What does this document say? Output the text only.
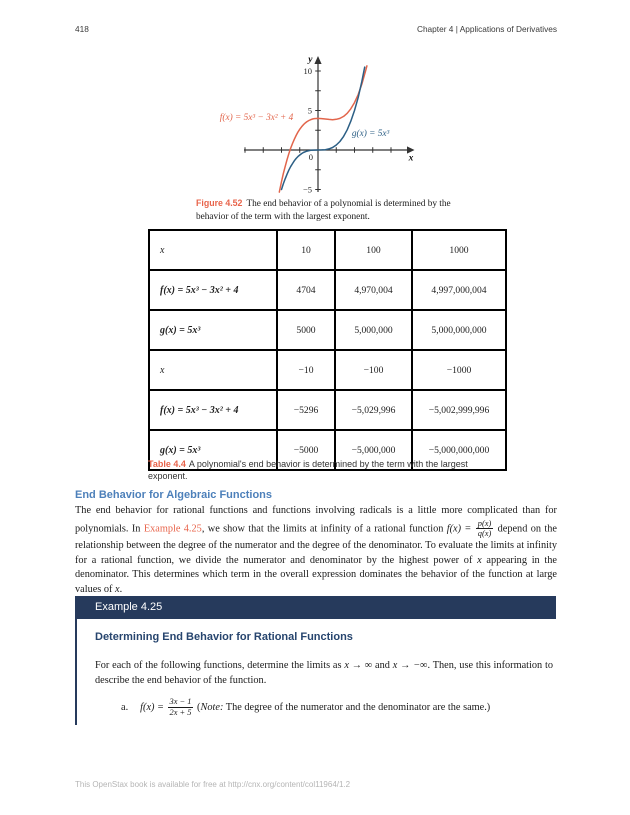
418	Chapter 4 | Applications of Derivatives
10
5
−5
0
y
x
f(x) = 5x³ − 3x² + 4
g(x) = 5x³
Figure 4.52 The end behavior of a polynomial is determined by the behavior of the term with the largest exponent.
x	10	100	1000
f(x) = 5x³ − 3x² + 4	4704	4,970,004	4,997,000,004
g(x) = 5x³	5000	5,000,000	5,000,000,000
x	−10	−100	−1000
f(x) = 5x³ − 3x² + 4	−5296	−5,029,996	−5,002,999,996
g(x) = 5x³	−5000	−5,000,000	−5,000,000,000
Table 4.4 A polynomial's end behavior is determined by the term with the largest exponent.
End Behavior for Algebraic Functions

The end behavior for rational functions and functions involving radicals is a little more complicated than for polynomials. In Example 4.25, we show that the limits at infinity of a rational function $f(x) = \frac{p(x)}{q(x)}$ depend on the relationship between the degree of the numerator and the degree of the denominator. To evaluate the limits at infinity for a rational function, we divide the numerator and denominator by the highest power of x appearing in the denominator. This determines which term in the overall expression dominates the behavior of the function at large values of x.

Example 4.25
Determining End Behavior for Rational Functions

For each of the following functions, determine the limits as x → ∞ and x → −∞. Then, use this information to describe the end behavior of the function.

a. $f(x) = \frac{3x - 1}{2x + 5}$ (Note: The degree of the numerator and the denominator are the same.)
This OpenStax book is available for free at http://cnx.org/content/col11964/1.2
